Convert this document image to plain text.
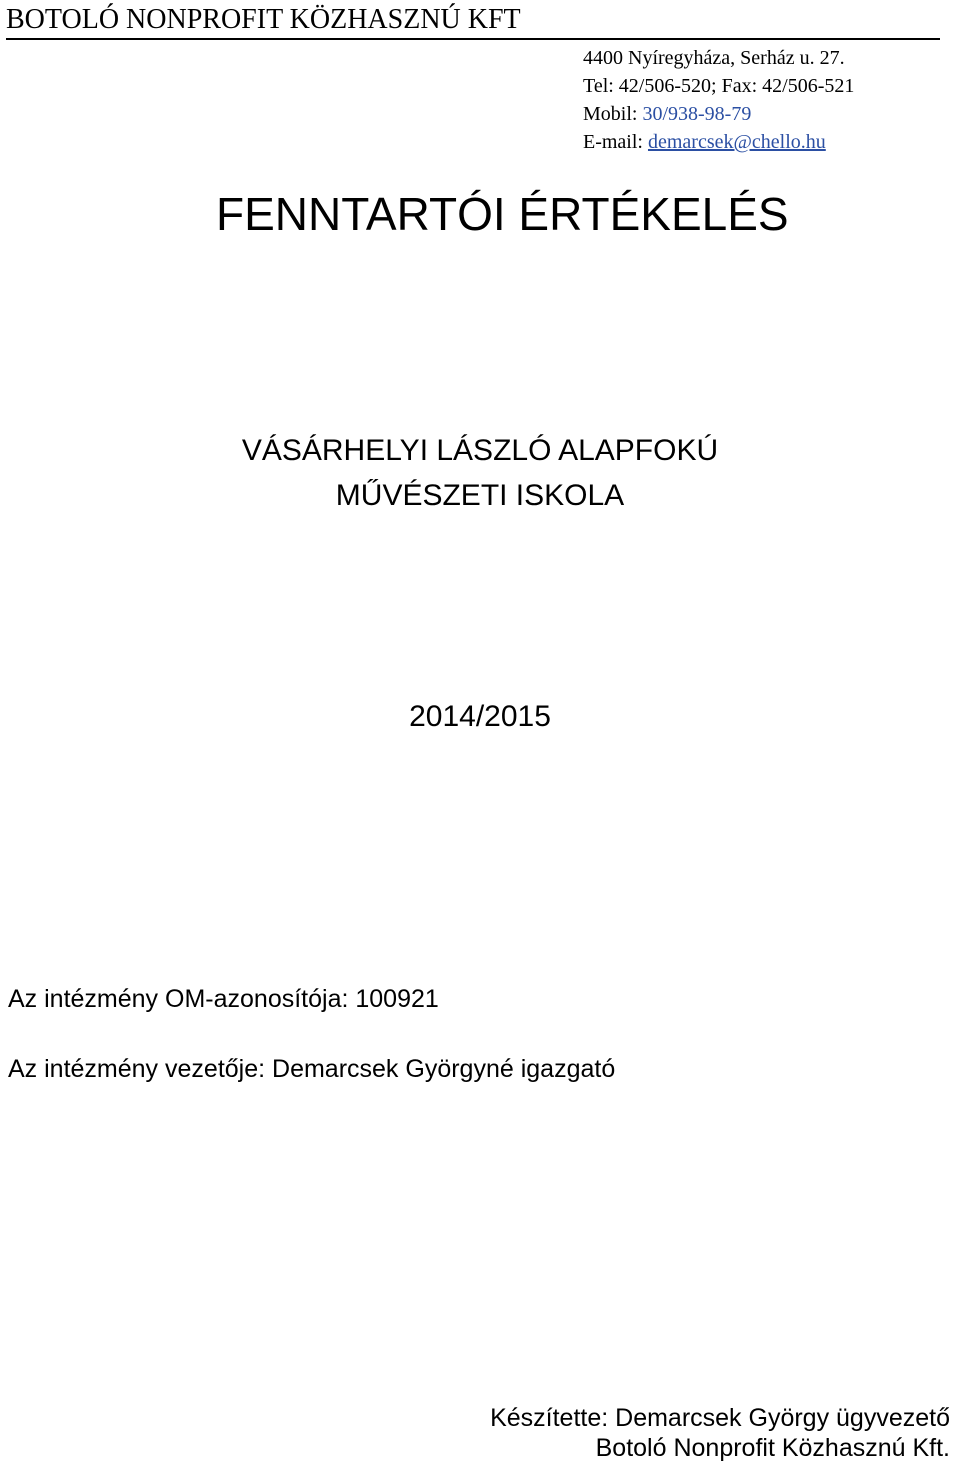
BOTOLÓ NONPROFIT KÖZHASZNÚ KFT
4400 Nyíregyháza, Serház u. 27.
Tel: 42/506-520; Fax: 42/506-521
Mobil: 30/938-98-79
E-mail: demarcsek@chello.hu
FENNTARTÓI ÉRTÉKELÉS
VÁSÁRHELYI LÁSZLÓ ALAPFOKÚ
MŰVÉSZETI ISKOLA
2014/2015
Az intézmény OM-azonosítója: 100921
Az intézmény vezetője: Demarcsek Györgyné igazgató
Készítette: Demarcsek György ügyvezető
Botoló Nonprofit Közhasznú Kft.
